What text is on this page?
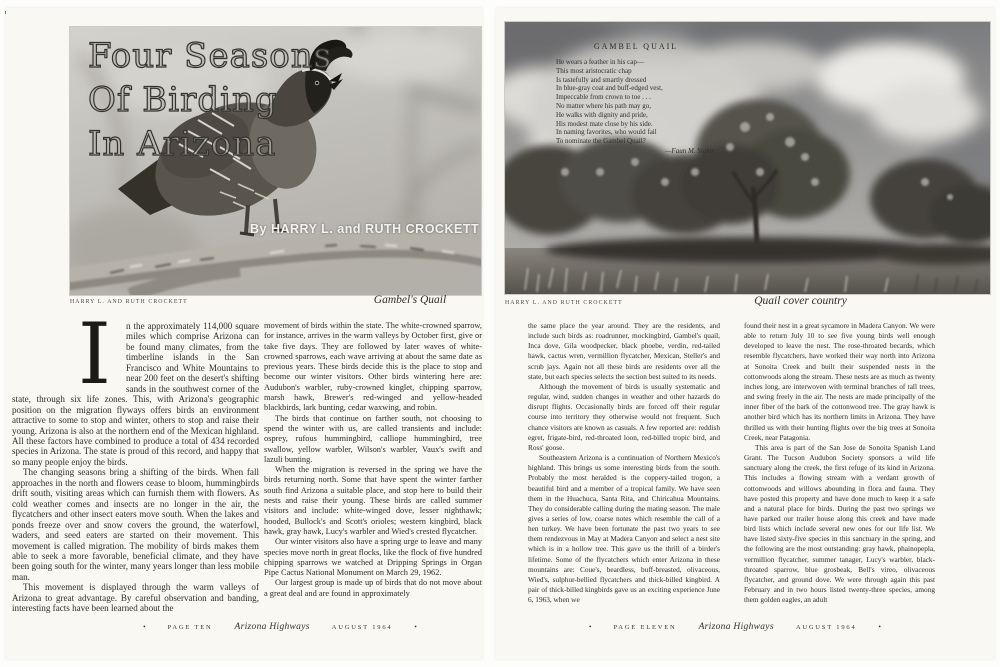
Four Seasons
Of Birding
In Arizona
By HARRY L. and RUTH CROCKETT
HARRY L. AND RUTH CROCKETT	Gambel's Quail

I	n the approximately 114,000 square miles which comprise Arizona can be found many climates, from the timberline islands in the San Francisco and White Mountains to near 200 feet on the desert's shifting sands in the southwest corner of the state, through six life zones. This, with Arizona's geographic position on the migration flyways offers birds an environment attractive to some to stop and winter, others to stop and raise their young. Arizona is also at the northern end of the Mexican highland. All these factors have combined to produce a total of 434 recorded species in Arizona. The state is proud of this record, and happy that so many people enjoy the birds.

The changing seasons bring a shifting of the birds. When fall approaches in the north and flowers cease to bloom, hummingbirds drift south, visiting areas which can furnish them with flowers. As cold weather comes and insects are no longer in the air, the flycatchers and other insect eaters move south. When the lakes and ponds freeze over and snow covers the ground, the waterfowl, waders, and seed eaters are started on their movement. This movement is called migration. The mobility of birds makes them able to seek a more favorable, beneficial climate, and they have been going south for the winter, many years longer than less mobile man.

This movement is displayed through the warm valleys of Arizona to great advantage. By careful observation and banding, interesting facts have been learned about the

movement of birds within the state. The white-crowned sparrow, for instance, arrives in the warm valleys by October first, give or take five days. They are followed by later waves of white-crowned sparrows, each wave arriving at about the same date as previous years. These birds decide this is the place to stop and become our winter visitors. Other birds wintering here are: Audubon's warbler, ruby-crowned kinglet, chipping sparrow, marsh hawk, Brewer's red-winged and yellow-headed blackbirds, lark bunting, cedar waxwing, and robin.

The birds that continue on farther south, not choosing to spend the winter with us, are called transients and include: osprey, rufous hummingbird, calliope hummingbird, tree swallow, yellow warbler, Wilson's warbler, Vaux's swift and lazuli bunting.

When the migration is reversed in the spring we have the birds returning north. Some that have spent the winter farther south find Arizona a suitable place, and stop here to build their nests and raise their young. These birds are called summer visitors and include: white-winged dove, lesser nighthawk; hooded, Bullock's and Scott's orioles; western kingbird, black hawk, gray hawk, Lucy's warbler and Wied's crested flycatcher.

Our winter visitors also have a spring urge to leave and many species move north in great flocks, like the flock of five hundred chipping sparrows we watched at Dripping Springs in Organ Pipe Cactus National Monument on March 29, 1962.

Our largest group is made up of birds that do not move about a great deal and are found in approximately

•	PAGE TEN Arizona Highways	AUGUST 1964	•
GAMBEL QUAIL
He wears a feather in his cap—
This most aristocratic chap
Is tastefully and smartly dressed
In blue-gray coat and buff-edged vest,
Impeccable from crown to toe . . .
No matter where his path may go,
He walks with dignity and pride,
His modest mate close by his side.
In naming favorites, who would fail
To nominate the Gambel Quail?
—Faun M. Sigler
HARRY L. AND RUTH CROCKETT	Quail cover country

the same place the year around. They are the residents, and include such birds as: roadrunner, mockingbird, Gambel's quail, Inca dove, Gila woodpecker, black phoebe, verdin, red-tailed hawk, cactus wren, vermillion flycatcher, Mexican, Steller's and scrub jays. Again not all these birds are residents over all the state, but each species selects the section best suited to its needs.

Although the movement of birds is usually systematic and regular, wind, sudden changes in weather and other hazards do disrupt flights. Occasionally birds are forced off their regular course into territory they otherwise would not frequent. Such chance visitors are known as casuals. A few reported are: reddish egret, frigate-bird, red-throated loon, red-billed tropic bird, and Ross' goose.

Southeastern Arizona is a continuation of Northern Mexico's highland. This brings us some interesting birds from the south. Probably the most heralded is the coppery-tailed trogon, a beautiful bird and a member of a tropical family. We have seen them in the Huachuca, Santa Rita, and Chiricahua Mountains. They do considerable calling during the mating season. The male gives a series of low, coarse notes which resemble the call of a hen turkey. We have been fortunate the past two years to see them rendezvous in May at Madera Canyon and select a nest site which is in a hollow tree. This gave us the thrill of a birder's lifetime. Some of the flycatchers which enter Arizona in these mountains are: Coue's, beardless, buff-breasted, olivaceous, Wied's, sulphur-bellied flycatchers and thick-billed kingbird. A pair of thick-billed kingbirds gave us an exciting experience June 6, 1963, when we

found their nest in a great sycamore in Madera Canyon. We were able to return July 10 to see five young birds well enough developed to leave the nest. The rose-throated becards, which resemble flycatchers, have worked their way north into Arizona at Sonoita Creek and built their suspended nests in the cottonwoods along the stream. These nests are as much as twenty inches long, are interwoven with terminal branches of tall trees, and swing freely in the air. The nests are made principally of the inner fiber of the bark of the cottonwood tree. The gray hawk is another bird which has its northern limits in Arizona. They have thrilled us with their hunting flights over the big trees at Sonoita Creek, near Patagonia.

This area is part of the San Jose de Sonoita Spanish Land Grant. The Tucson Audubon Society sponsors a wild life sanctuary along the creek, the first refuge of its kind in Arizona. This includes a flowing stream with a verdant growth of cottonwoods and willows abounding in flora and fauna. They have posted this property and have done much to keep it a safe and a natural place for birds. During the past two springs we have parked our trailer house along this creek and have made bird lists which include several new ones for our life list. We have listed sixty-five species in this sanctuary in the spring, and the following are the most outstanding: gray hawk, phainopepla, vermillion flycatcher, summer tanager, Lucy's warbler, black-throated sparrow, blue grosbeak, Bell's vireo, olivaceous flycatcher, and ground dove. We were through again this past February and in two hours listed twenty-three species, among them golden eagles, an adult

•	PAGE ELEVEN Arizona Highways	AUGUST 1964	•
